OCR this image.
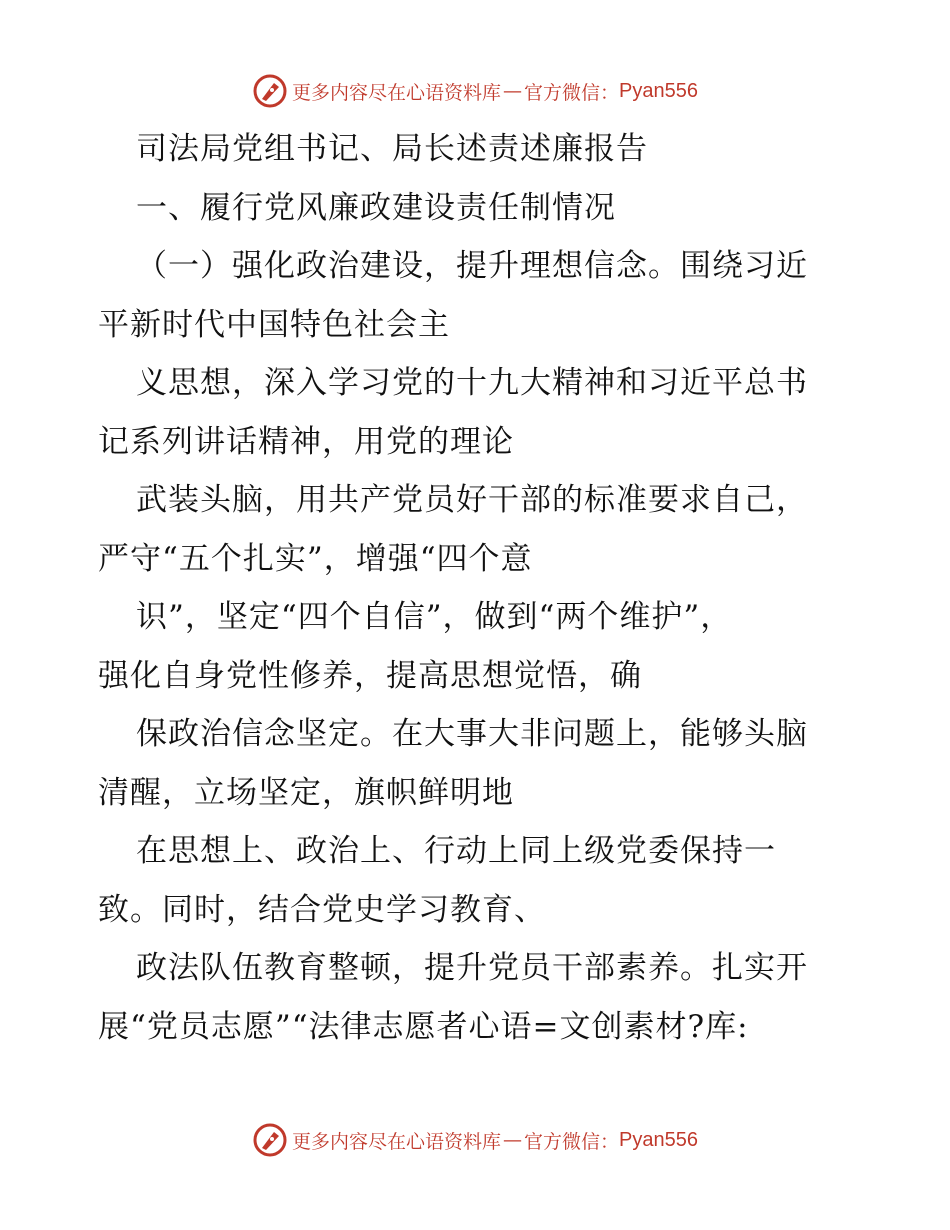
更多内容尽在心语资料库 — 官方微信： Pyan556
司法局党组书记、局长述责述廉报告
一、履行党风廉政建设责任制情况
（一）强化政治建设，提升理想信念。围绕习近
平新时代中国特色社会主
义思想，深入学习党的十九大精神和习近平总书
记系列讲话精神，用党的理论
武装头脑，用共产党员好干部的标准要求自己，
严守“五个扎实”，增强“四个意
识”，坚定“四个自信”，做到“两个维护”，
强化自身党性修养，提高思想觉悟，确
保政治信念坚定。在大事大非问题上，能够头脑
清醒，立场坚定，旗帜鲜明地
在思想上、政治上、行动上同上级党委保持一
致。同时，结合党史学习教育、
政法队伍教育整顿，提升党员干部素养。扎实开
展“党员志愿”“法律志愿者心语=文创素材?库:
更多内容尽在心语资料库 — 官方微信： Pyan556
